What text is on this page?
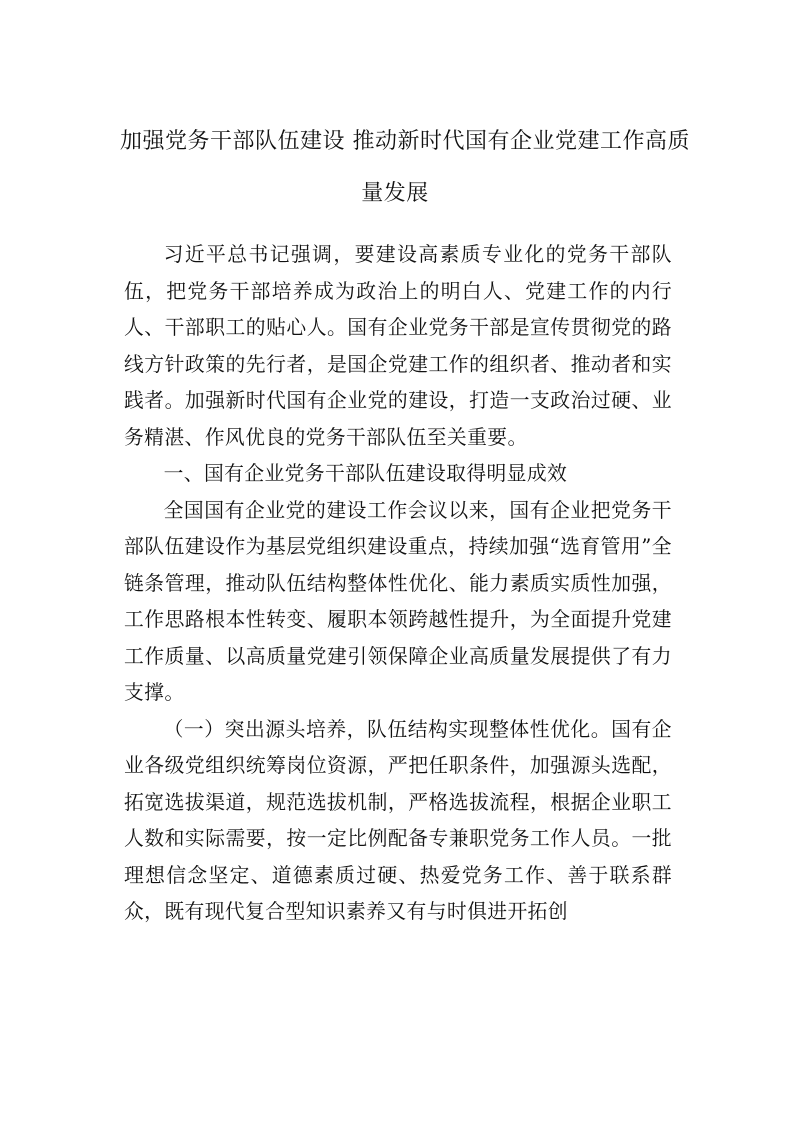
加强党务干部队伍建设 推动新时代国有企业党建工作高质
量发展

习近平总书记强调，要建设高素质专业化的党务干部队伍，把党务干部培养成为政治上的明白人、党建工作的内行人、干部职工的贴心人。国有企业党务干部是宣传贯彻党的路线方针政策的先行者，是国企党建工作的组织者、推动者和实践者。加强新时代国有企业党的建设，打造一支政治过硬、业务精湛、作风优良的党务干部队伍至关重要。

一、国有企业党务干部队伍建设取得明显成效

全国国有企业党的建设工作会议以来，国有企业把党务干部队伍建设作为基层党组织建设重点，持续加强“选育管用”全链条管理，推动队伍结构整体性优化、能力素质实质性加强，工作思路根本性转变、履职本领跨越性提升，为全面提升党建工作质量、以高质量党建引领保障企业高质量发展提供了有力支撑。

（一）突出源头培养，队伍结构实现整体性优化。国有企业各级党组织统筹岗位资源，严把任职条件，加强源头选配，拓宽选拔渠道，规范选拔机制，严格选拔流程，根据企业职工人数和实际需要，按一定比例配备专兼职党务工作人员。一批理想信念坚定、道德素质过硬、热爱党务工作、善于联系群众，既有现代复合型知识素养又有与时俱进开拓创
